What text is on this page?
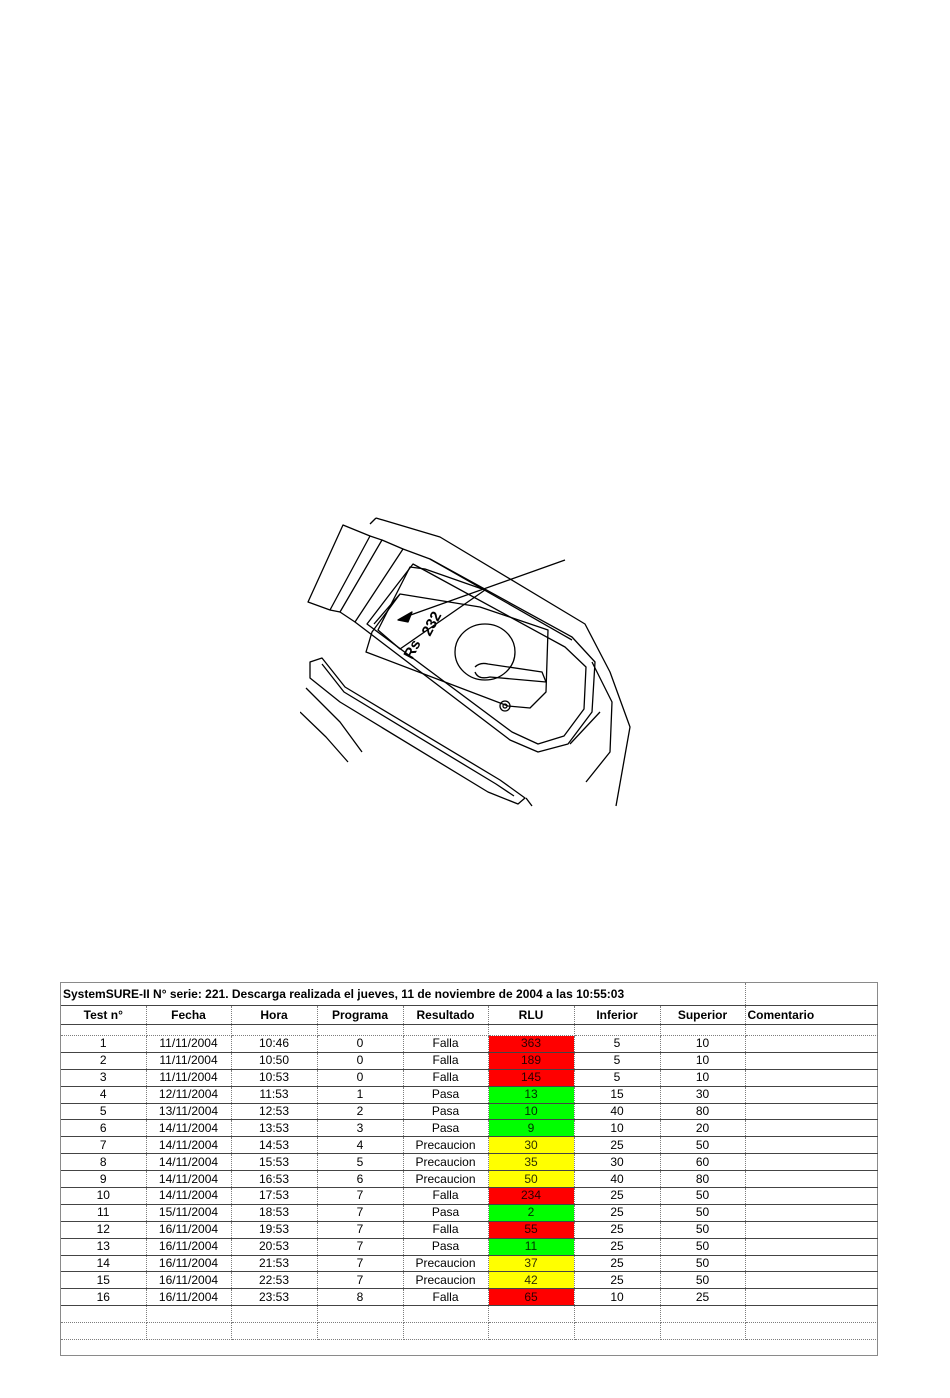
Rs
232
SystemSURE-II N° serie: 221. Descarga realizada el jueves, 11 de noviembre de 2004 a las 10:55:03								
Test n°	Fecha	Hora	Programa	Resultado	RLU	Inferior	Superior	Comentario

1	11/11/2004	10:46	0	Falla	363	5	10	
2	11/11/2004	10:50	0	Falla	189	5	10	
3	11/11/2004	10:53	0	Falla	145	5	10	
4	12/11/2004	11:53	1	Pasa	13	15	30	
5	13/11/2004	12:53	2	Pasa	10	40	80	
6	14/11/2004	13:53	3	Pasa	9	10	20	
7	14/11/2004	14:53	4	Precaucion	30	25	50	
8	14/11/2004	15:53	5	Precaucion	35	30	60	
9	14/11/2004	16:53	6	Precaucion	50	40	80	
10	14/11/2004	17:53	7	Falla	234	25	50	
11	15/11/2004	18:53	7	Pasa	2	25	50	
12	16/11/2004	19:53	7	Falla	55	25	50	
13	16/11/2004	20:53	7	Pasa	11	25	50	
14	16/11/2004	21:53	7	Precaucion	37	25	50	
15	16/11/2004	22:53	7	Precaucion	42	25	50	
16	16/11/2004	23:53	8	Falla	65	10	25	
